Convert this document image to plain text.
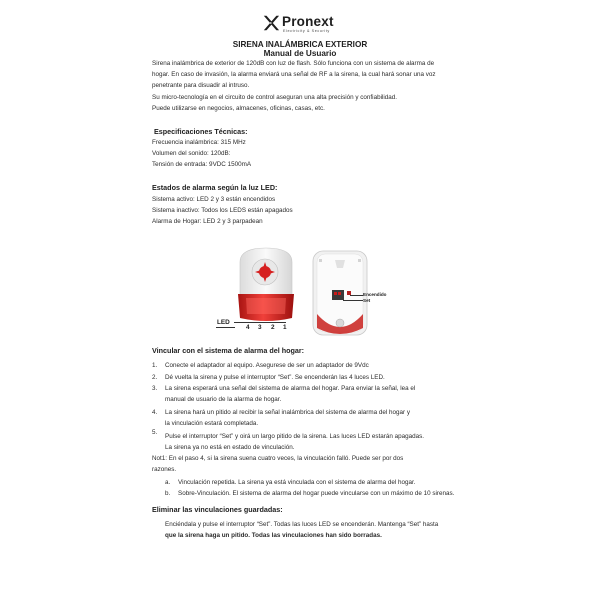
Pronext
Electricity & Security
SIRENA INALÁMBRICA EXTERIOR
Manual de Usuario
Sirena inalámbrica de exterior de 120dB con luz de flash. Sólo funciona con un sistema de alarma de
hogar. En caso de invasión, la alarma enviará una señal de RF a la sirena, la cual hará sonar una voz
penetrante para disuadir al intruso.
Su micro-tecnología en el circuito de control aseguran una alta precisión y confiabilidad.
Puede utilizarse en negocios, almacenes, oficinas, casas, etc.
Especificaciones Técnicas:
Frecuencia inalámbrica: 315 MHz
Volumen del sonido: 120dB:
Tensión de entrada: 9VDC 1500mA
Estados de alarma según la luz LED:
Sistema activo: LED 2 y 3 están encendidos
Sistema inactivo: Todos los LEDS están apagados
Alarma de Hogar: LED 2 y 3 parpadean
Encendido
Set
LED
4 3 2 1
Vincular con el sistema de alarma del hogar:
1. Conecte el adaptador al equipo. Asegurese de ser un adaptador de 9Vdc
2. Dé vuelta la sirena y pulse el interruptor “Set”. Se encenderán las 4 luces LED.
3. La sirena esperará una señal del sistema de alarma del hogar. Para enviar la señal, lea el
manual de usuario de la alarma de hogar.
4. La sirena hará un pitido al recibir la señal inalámbrica del sistema de alarma del hogar y
la vinculación estará completada.
5.
Pulse el interruptor “Set” y oirá un largo pitido de la sirena. Las luces LED estarán apagadas.
La sirena ya no está en estado de vinculación.
Not1: En el paso 4, si la sirena suena cuatro veces, la vinculación falló. Puede ser por dos
razones.
a. Vinculación repetida. La sirena ya está vinculada con el sistema de alarma del hogar.
b. Sobre-Vinculación. El sistema de alarma del hogar puede vincularse con un máximo de 10 sirenas.
Eliminar las vinculaciones guardadas:
Enciéndala y pulse el interruptor “Set”. Todas las luces LED se encenderán. Mantenga “Set” hasta
que la sirena haga un pitido. Todas las vinculaciones han sido borradas.
